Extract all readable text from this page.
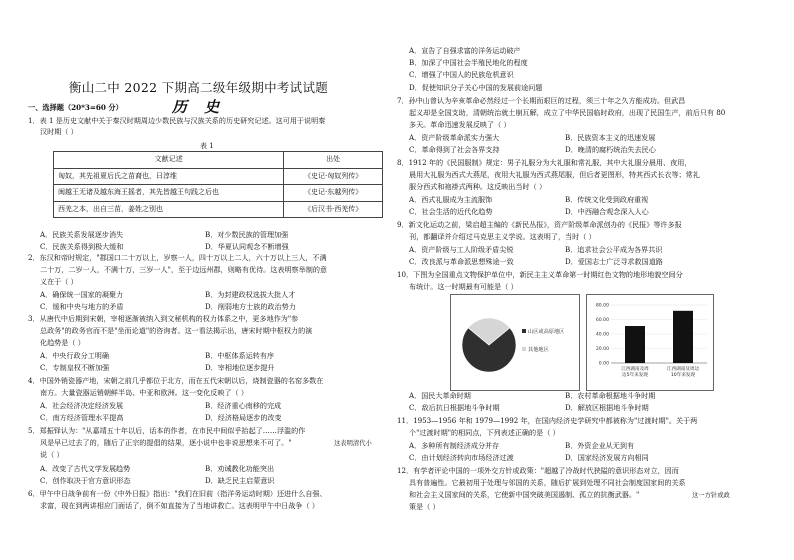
衡山二中 2022 下期高二级年级期中考试试题
历 史
一、选择题（20*3=60 分）
1．表 1 是历史文献中关于秦汉时期周边少数民族与汉族关系的历史研究记述。这可用于说明秦
汉时期（ ）
表 1
文献记述	出处
匈奴，其先祖夏后氏之苗裔也，曰淳维	《史记·匈奴列传》
闽越王无诸及越东海王摇者，其先皆越王句践之后也	《史记·东越列传》
西羌之本，出自三苗，姜姓之别也	《后汉书·西羌传》
A．民族关系发展逐步消失	B．对少数民族的管理加强
C．民族关系得到极大缓和	D．华夏认同观念不断增强
2．东汉和帝时规定，"郡国口二十万以上，岁察一人，四十万以上二人，六十万以上三人，不满
二十万，二岁一人，不满十万，三岁一人"，至于边远州郡，则略有优待。这表明察举制的意
义在于（ ）
A．确保统一国家的凝聚力	B．为封建政权选拔大批人才
C．缓和中央与地方的矛盾	D．削弱地方士族的政治势力
3．从唐代中后期到宋朝，宰相逐渐被纳入到文秘机构的权力体系之中，更多地作为"参
总政务"的政务官而不是"坐而论道"的咨询者。这一看法揭示出，唐宋时期中枢权力的演
化趋势是（ ）
A．中央行政分工明确	B．中枢体系运转有序
C．专制皇权不断加强	D．宰相地位逐步提升
4．中国外销瓷器产地，宋朝之前几乎都位于北方，而在五代宋朝以后，烧制瓷器的名窑多数在
南方。大量瓷器运销朝鲜半岛、中亚和欧洲。这一变化反映了（ ）
A．社会经济决定经济发展	B．经济重心南移的完成
C．南方经济管理水平提高	D．经济格局逐步的改变
5．郑振铎认为："从嘉靖五十年以后，话本的作者，在市民中间似乎抬起了……浮滥的作
风是早已过去了的，随后了正宗的提倡的结果，逐小说中也非说思想来不可了。"
说（ ）
A．改变了古代文学发展趋势	B．劝诫教化功能突出
C．创作取决于官方意识形态	D．缺乏民主启蒙意识
6．甲午中日战争前有一份《中外日报》指出："我们在旧前（指洋务运动时期）还进什么自强、
求富，现在到两讲相应门面话了，倒不如直接为了当地讲救亡。这表明甲午中日战争（ ）
这表明清代小
A．宣告了自强求富的洋务运动破产
B．加深了中国社会半殖民地化的程度
C．增强了中国人的民族危机意识
D．促使知识分子关心中国的发展前途问题
7．孙中山曾认为辛亥革命必然经过一个长期而艰巨的过程，须三十年之久方能成功。但武昌
起义却是全国支助，清朝统治就土崩瓦解，成立了中华民国临时政府，出现了民国生产，前后只有 80
多天。革命迅速发展反映了（ ）
A．资产阶级革命派实力强大	B．民族资本主义的迅速发展
C．革命得到了社会各界支持	D．晚清的腐朽统治失去民心
8．1912 年的《民国服制》规定：男子礼服分为大礼服和常礼服，其中大礼服分晨用、夜用，
晨用大礼服为西式大燕尾，夜用大礼服为西式燕尾服，但后者更图形，特其西式长衣等；常礼
服分西式和袍褂式两种。这反映出当时（ ）
A．西式礼服成为主流服饰	B．传统文化受到政府重视
C．社会生活的近代化趋势	D．中西融合观念深入人心
9．新文化运动之前，梁启超主编的《新民丛报》，资产阶级革命派创办的《民报》等许多报
刊，都翻译并介绍过马克思主义学说。这表明了，当时（ ）
A．资产阶级与工人阶级矛盾尖锐	B．追求社会公平成为各界共识
C．改良派与革命派思想殊途一致	D．爱国志士广泛寻求救国道路
10．下图为全国重点文物保护单位中，新民主主义革命第一时期红色文物的地形地貌空间分
布统计。这一时期最有可能是（ ）
A．国民大革命时期	B．农村革命根据地斗争时期
C．敌后抗日根据地斗争时期	D．解放区根据地斗争时期
11．1953—1956 年和 1979—1992 年，在国内经济史学研究中都被称为"过渡时期"。关于两
个"过渡时期"的相同点，下列表述正确的是（ ）
A．多种所有制经济成分并存	B．外资企业从无到有
C．由计划经济转向市场经济过渡	D．国家经济发展方向相同
12．有学者评论中国的一项外交方针或政策："超越了冷战时代狭隘的意识形态对立，因而
具有普遍性。它最初用于处理与邻国的关系，随后扩展到处理不同社会制度国家间的关系
和社会主义国家间的关系，它使新中国突破美国遏制、孤立的抗衡武器。"
策是（ ）
这一方针或政
山区或高原地区
其他地区
0.00
20.00
40.00
60.00
80.00
江西湖南及周
边5年来发现
江西湖南及周边
10年来发现
